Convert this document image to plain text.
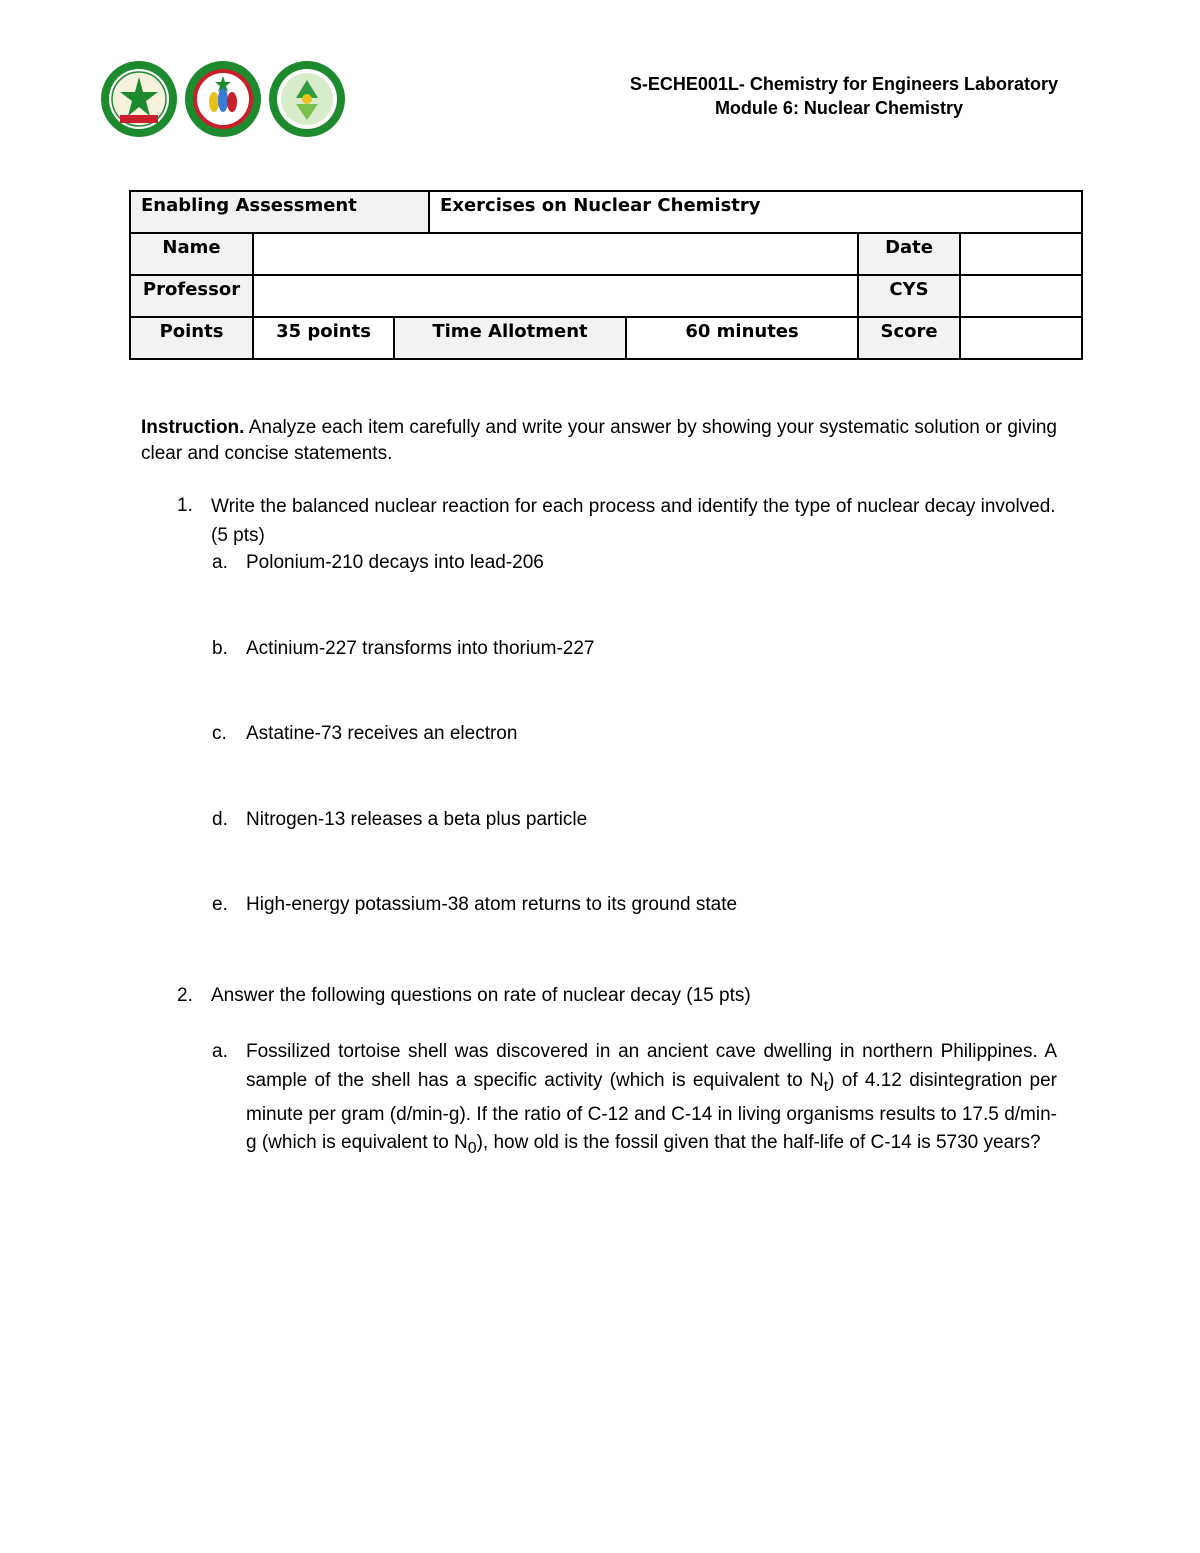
S-ECHE001L- Chemistry for Engineers Laboratory
Module 6: Nuclear Chemistry
Enabling Assessment			Exercises on Nuclear Chemistry			
Name					Date	
Professor					CYS	
Points	35 points	Time Allotment		60 minutes	Score	

Instruction. Analyze each item carefully and write your answer by showing your systematic solution or giving clear and concise statements.

1. Write the balanced nuclear reaction for each process and identify the type of nuclear decay involved. (5 pts)
a. Polonium-210 decays into lead-206
b. Actinium-227 transforms into thorium-227
c. Astatine-73 receives an electron
d. Nitrogen-13 releases a beta plus particle
e. High-energy potassium-38 atom returns to its ground state
2. Answer the following questions on rate of nuclear decay (15 pts)
a. Fossilized tortoise shell was discovered in an ancient cave dwelling in northern Philippines. A sample of the shell has a specific activity (which is equivalent to $N_t$) of 4.12 disintegration per minute per gram (d/min-g). If the ratio of C-12 and C-14 in living organisms results to 17.5 d/min-g (which is equivalent to $N_0$), how old is the fossil given that the half-life of C-14 is 5730 years?
